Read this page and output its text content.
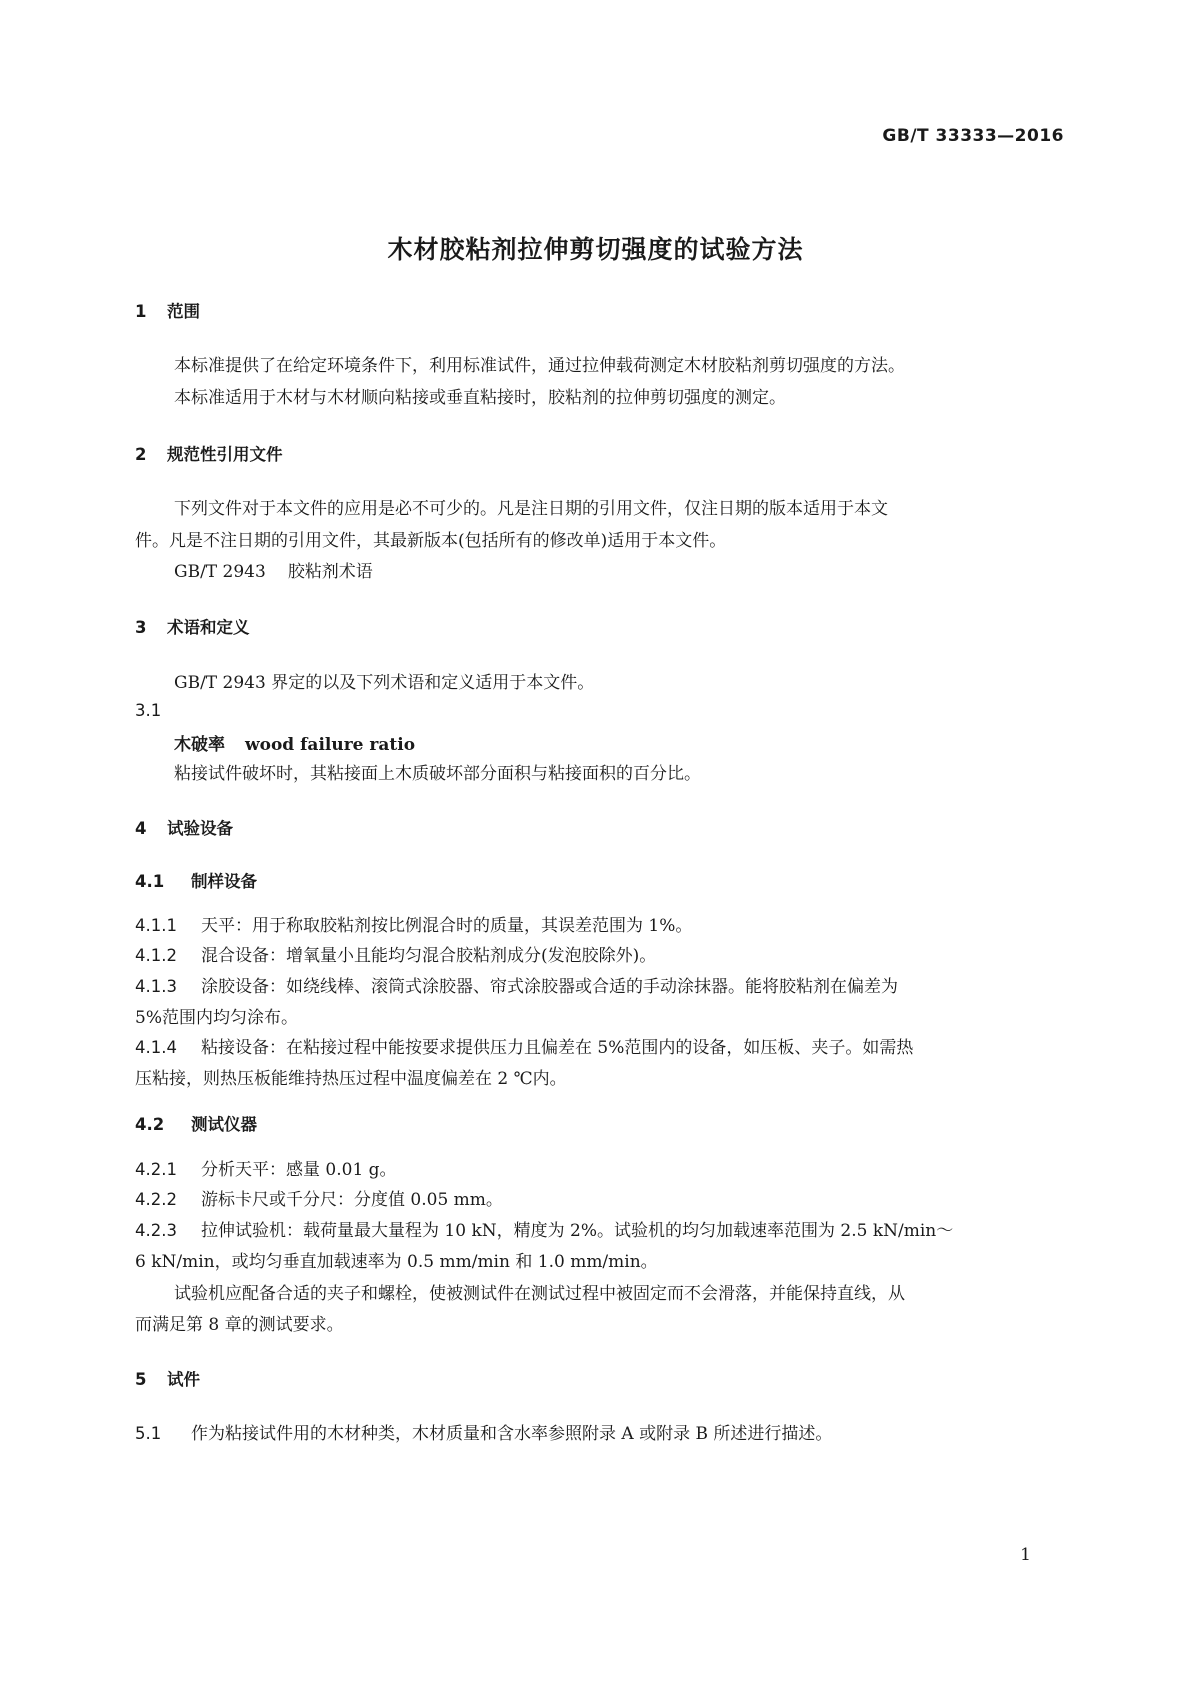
GB/T 33333—2016
木材胶粘剂拉伸剪切强度的试验方法
1 范围
本标准提供了在给定环境条件下，利用标准试件，通过拉伸载荷测定木材胶粘剂剪切强度的方法。
本标准适用于木材与木材顺向粘接或垂直粘接时，胶粘剂的拉伸剪切强度的测定。
2 规范性引用文件
下列文件对于本文件的应用是必不可少的。凡是注日期的引用文件，仅注日期的版本适用于本文
件。凡是不注日期的引用文件，其最新版本(包括所有的修改单)适用于本文件。
GB/T 2943 胶粘剂术语
3 术语和定义
GB/T 2943 界定的以及下列术语和定义适用于本文件。
3.1
木破率 wood failure ratio
粘接试件破坏时，其粘接面上木质破坏部分面积与粘接面积的百分比。
4 试验设备
4.1 制样设备
4.1.1 天平：用于称取胶粘剂按比例混合时的质量，其误差范围为 1%。
4.1.2 混合设备：增氧量小且能均匀混合胶粘剂成分(发泡胶除外)。
4.1.3 涂胶设备：如绕线棒、滚筒式涂胶器、帘式涂胶器或合适的手动涂抹器。能将胶粘剂在偏差为
5%范围内均匀涂布。
4.1.4 粘接设备：在粘接过程中能按要求提供压力且偏差在 5%范围内的设备，如压板、夹子。如需热
压粘接，则热压板能维持热压过程中温度偏差在 2 ℃内。
4.2 测试仪器
4.2.1 分析天平：感量 0.01 g。
4.2.2 游标卡尺或千分尺：分度值 0.05 mm。
4.2.3 拉伸试验机：载荷量最大量程为 10 kN，精度为 2%。试验机的均匀加载速率范围为 2.5 kN/min～
6 kN/min，或均匀垂直加载速率为 0.5 mm/min 和 1.0 mm/min。
试验机应配备合适的夹子和螺栓，使被测试件在测试过程中被固定而不会滑落，并能保持直线，从
而满足第 8 章的测试要求。
5 试件
5.1 作为粘接试件用的木材种类，木材质量和含水率参照附录 A 或附录 B 所述进行描述。
1
